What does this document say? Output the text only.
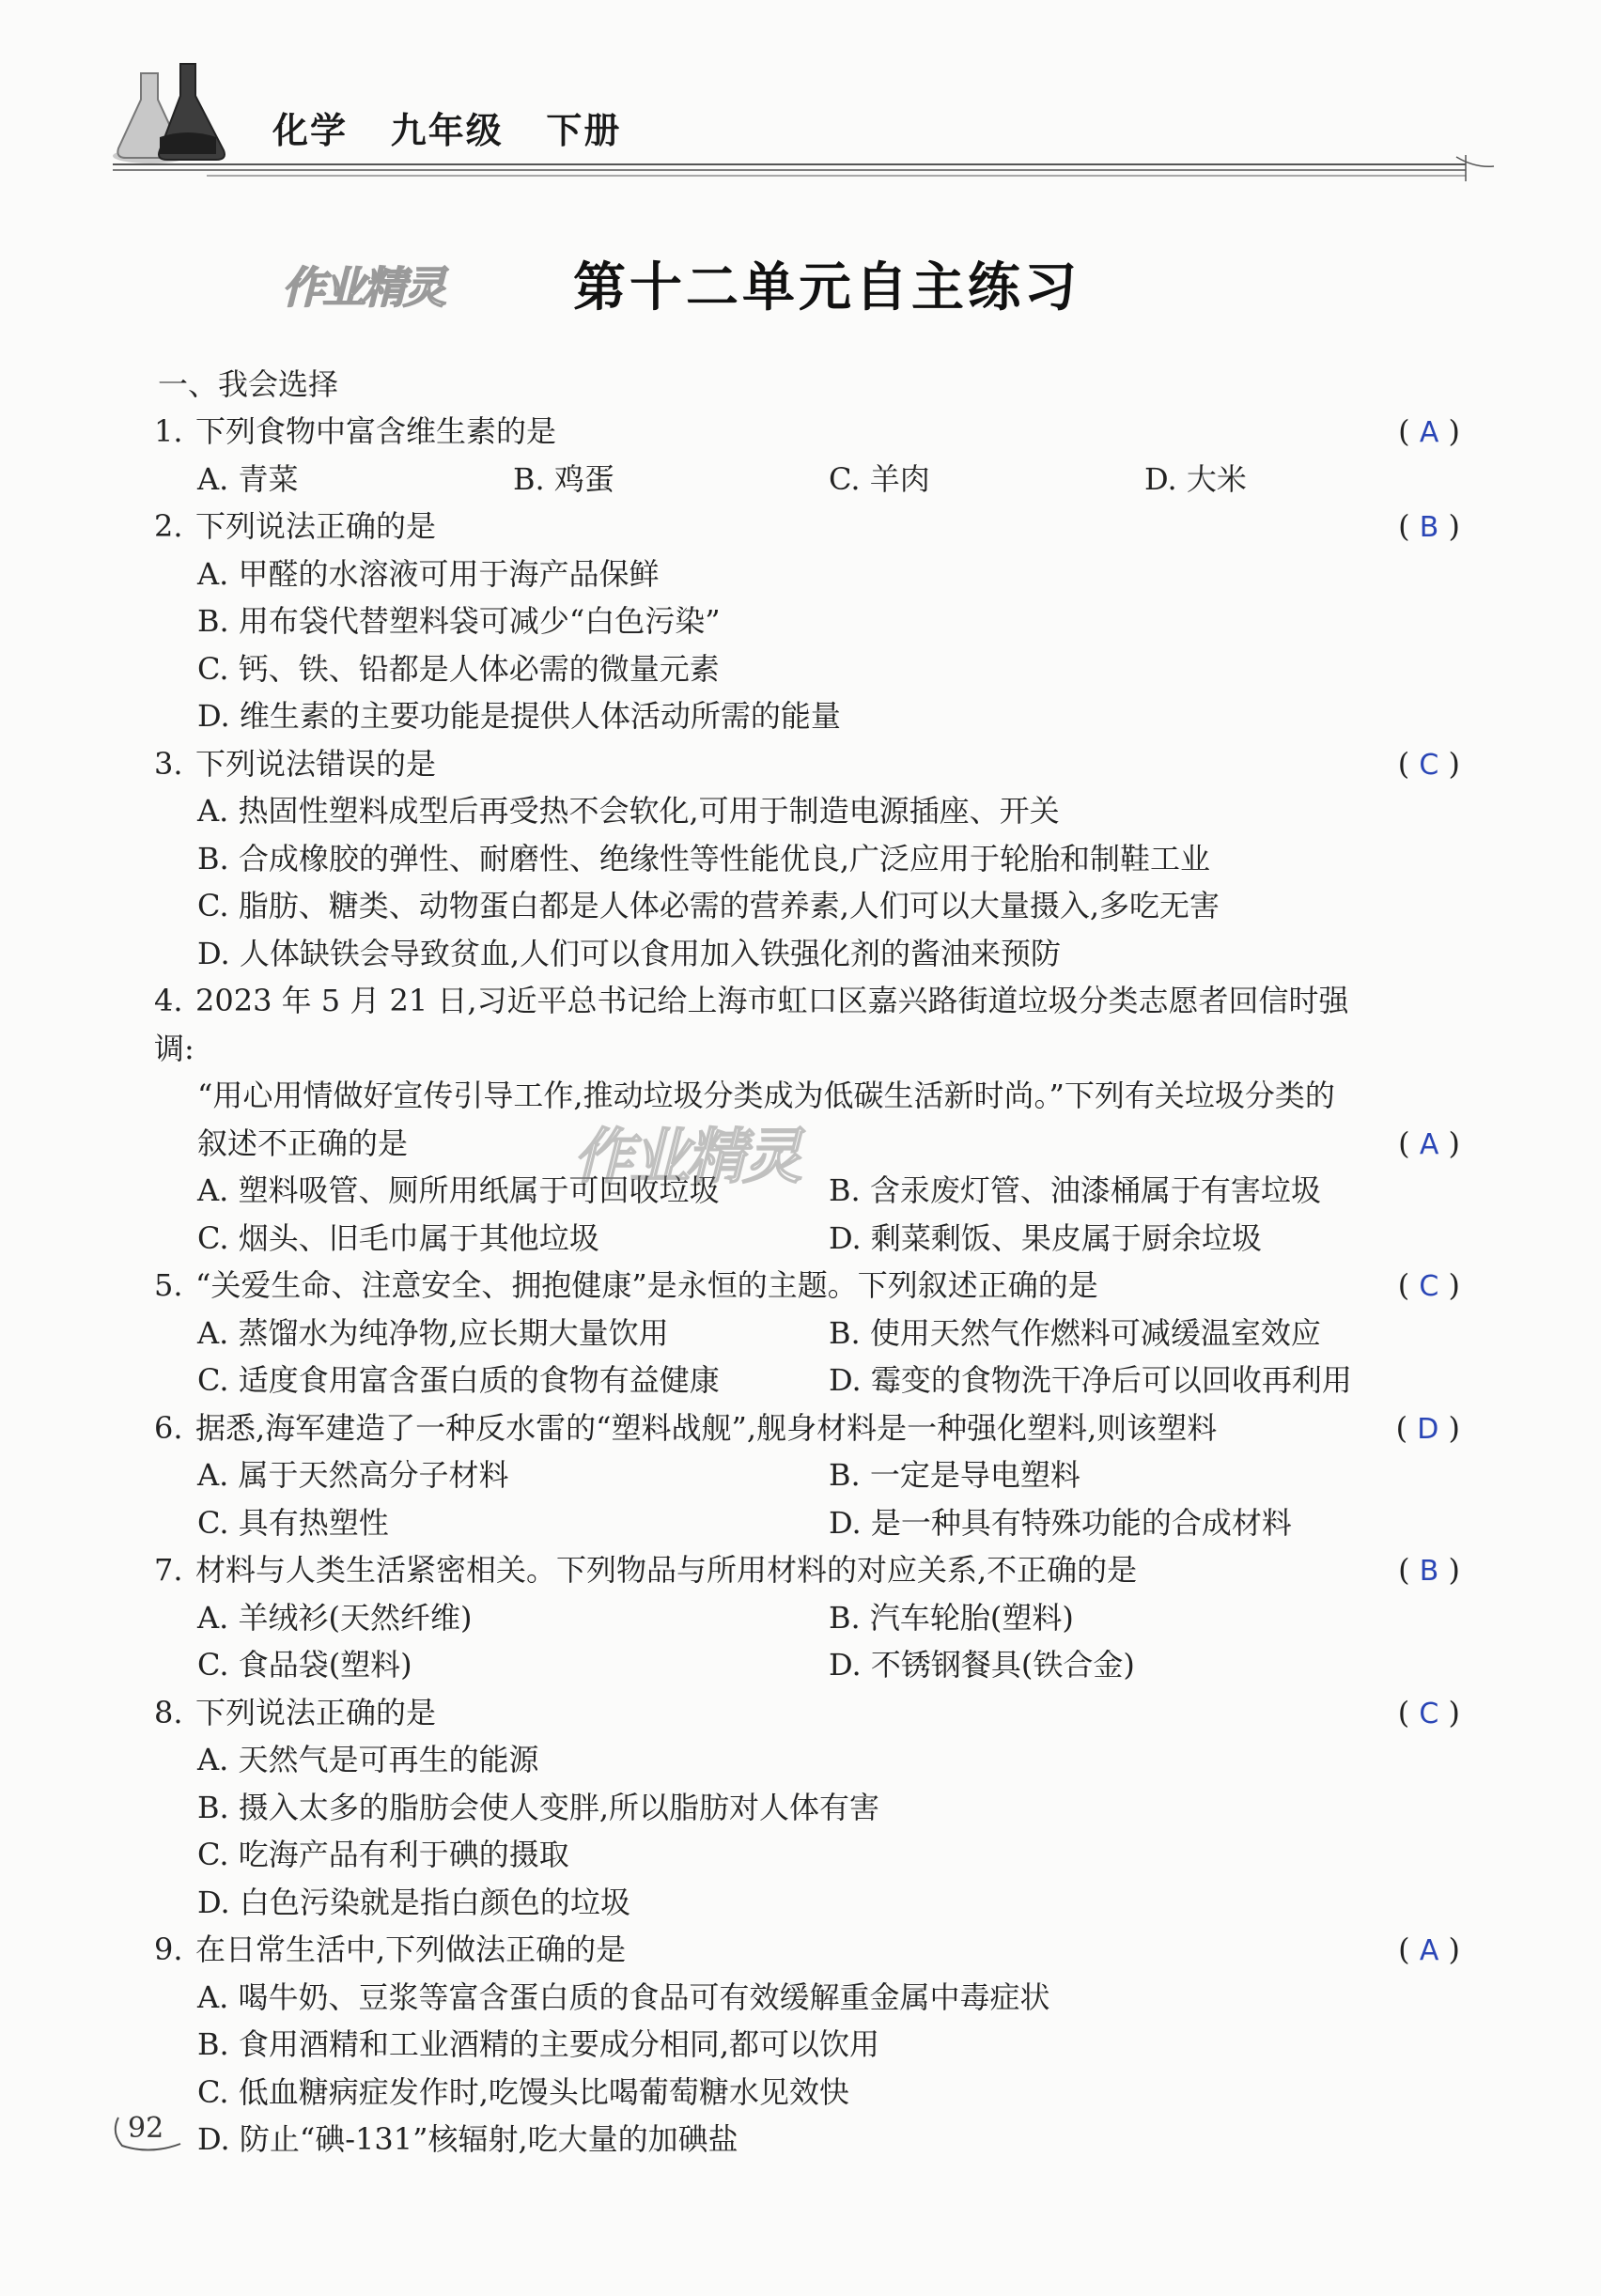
化学   九年级   下册
作业精灵 第十二单元自主练习
一、我会选择
1. 下列食物中富含维生素的是	( A )
A. 青菜	B. 鸡蛋	C. 羊肉	D. 大米
2. 下列说法正确的是	( B )
A. 甲醛的水溶液可用于海产品保鲜
B. 用布袋代替塑料袋可减少“白色污染”
C. 钙、铁、铅都是人体必需的微量元素
D. 维生素的主要功能是提供人体活动所需的能量
3. 下列说法错误的是	( C )
A. 热固性塑料成型后再受热不会软化,可用于制造电源插座、开关
B. 合成橡胶的弹性、耐磨性、绝缘性等性能优良,广泛应用于轮胎和制鞋工业
C. 脂肪、糖类、动物蛋白都是人体必需的营养素,人们可以大量摄入,多吃无害
D. 人体缺铁会导致贫血,人们可以食用加入铁强化剂的酱油来预防
4. 2023 年 5 月 21 日,习近平总书记给上海市虹口区嘉兴路街道垃圾分类志愿者回信时强调:
“用心用情做好宣传引导工作,推动垃圾分类成为低碳生活新时尚。”下列有关垃圾分类的
叙述不正确的是	( A )
A. 塑料吸管、厕所用纸属于可回收垃圾	B. 含汞废灯管、油漆桶属于有害垃圾
C. 烟头、旧毛巾属于其他垃圾	D. 剩菜剩饭、果皮属于厨余垃圾
5. “关爱生命、注意安全、拥抱健康”是永恒的主题。下列叙述正确的是	( C )
A. 蒸馏水为纯净物,应长期大量饮用	B. 使用天然气作燃料可减缓温室效应
C. 适度食用富含蛋白质的食物有益健康	D. 霉变的食物洗干净后可以回收再利用
6. 据悉,海军建造了一种反水雷的“塑料战舰”,舰身材料是一种强化塑料,则该塑料	( D )
A. 属于天然高分子材料	B. 一定是导电塑料
C. 具有热塑性	D. 是一种具有特殊功能的合成材料
7. 材料与人类生活紧密相关。下列物品与所用材料的对应关系,不正确的是	( B )
A. 羊绒衫(天然纤维)	B. 汽车轮胎(塑料)
C. 食品袋(塑料)	D. 不锈钢餐具(铁合金)
8. 下列说法正确的是	( C )
A. 天然气是可再生的能源
B. 摄入太多的脂肪会使人变胖,所以脂肪对人体有害
C. 吃海产品有利于碘的摄取
D. 白色污染就是指白颜色的垃圾
9. 在日常生活中,下列做法正确的是	( A )
A. 喝牛奶、豆浆等富含蛋白质的食品可有效缓解重金属中毒症状
B. 食用酒精和工业酒精的主要成分相同,都可以饮用
C. 低血糖病症发作时,吃馒头比喝葡萄糖水见效快
D. 防止“碘-131”核辐射,吃大量的加碘盐
作业精灵
92
